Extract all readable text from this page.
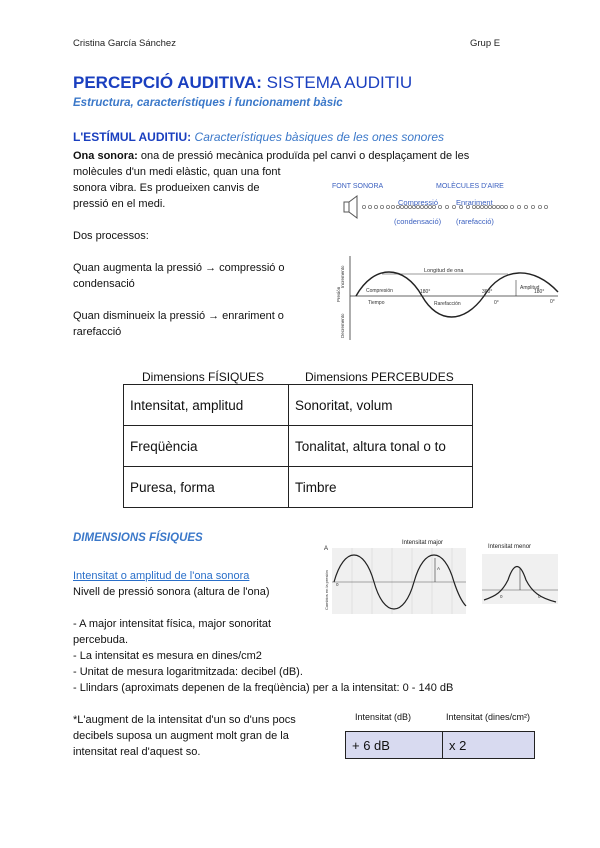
Cristina García Sánchez	Grup E
PERCEPCIÓ AUDITIVA: SISTEMA AUDITIU
Estructura, característiques i funcionament bàsic
L'ESTÍMUL AUDITIU: Característiques bàsiques de les ones sonores
Ona sonora: ona de pressió mecànica produïda pel canvi o desplaçament de les
molècules d'un medi elàstic, quan una font
sonora vibra. Es produeixen canvis de
pressió en el medi.
Dos processos:
Quan augmenta la pressió → compressió o
condensació
Quan disminueix la pressió → enrariment o
rarefacció
FONT SONORA	MOLÈCULES D'AIRE
Compressió
(condensació)
Enrariment
(rarefacció)
Longitud de ona
Amplitud
Compresión
Rarefacción
Tiempo
180°	360°
0°	0°
180°
Presión
Incremento
Decremento
Dimensions FÍSIQUES	Dimensions PERCEBUDES
Intensitat, amplitud	Sonoritat, volum
Freqüència	Tonalitat, altura tonal o to
Puresa, forma	Timbre
DIMENSIONS FÍSIQUES
Intensitat o amplitud de l'ona sonora
Nivell de pressió sonora (altura de l'ona)
- A major intensitat física, major sonoritat
percebuda.
- La intensitat es mesura en dines/cm2
- Unitat de mesura logaritmitzada: decibel (dB).
- Llindars (aproximats depenen de la freqüència) per a la intensitat: 0 - 140 dB
Intensitat major
A
A
0
Cambios en la presión
Intensitat menor
0	0
*L'augment de la intensitat d'un so d'uns pocs
decibels suposa un augment molt gran de la
intensitat real d'aquest so.
Intensitat (dB)	Intensitat (dines/cm²)
+ 6 dB	x 2
